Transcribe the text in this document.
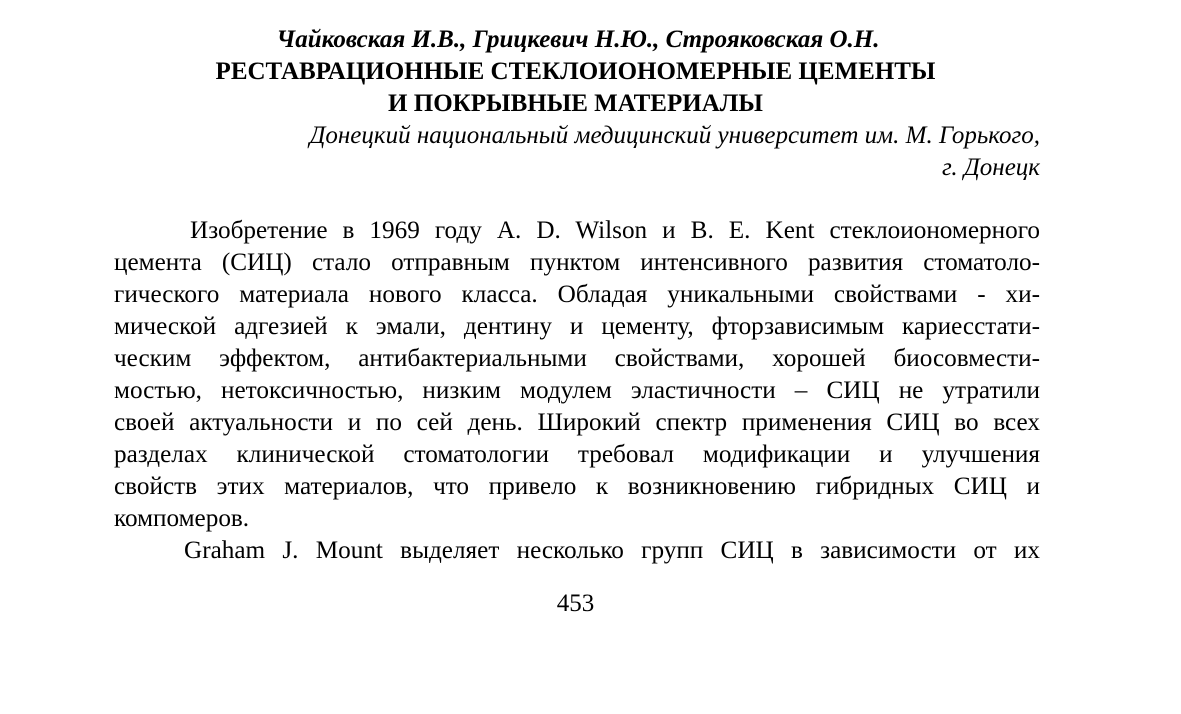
Чайковская И.В., Грицкевич Н.Ю., Строяковская О.Н.
РЕСТАВРАЦИОННЫЕ СТЕКЛОИОНОМЕРНЫЕ ЦЕМЕНТЫ
И ПОКРЫВНЫЕ МАТЕРИАЛЫ
Донецкий национальный медицинский университет им. М. Горького,
г. Донецк
Изобретение в 1969 году A. D. Wilson и B. E. Kent стеклоиономерного
цемента (СИЦ) стало отправным пунктом интенсивного развития стоматоло-
гического материала нового класса. Обладая уникальными свойствами - хи-
мической адгезией к эмали, дентину и цементу, фторзависимым кариесстати-
ческим эффектом, антибактериальными свойствами, хорошей биосовмести-
мостью, нетоксичностью, низким модулем эластичности – СИЦ не утратили
своей актуальности и по сей день. Широкий спектр применения СИЦ во всех
разделах клинической стоматологии требовал модификации и улучшения
свойств этих материалов, что привело к возникновению гибридных СИЦ и
компомеров.
Graham J. Mount выделяет несколько групп СИЦ в зависимости от их
453
